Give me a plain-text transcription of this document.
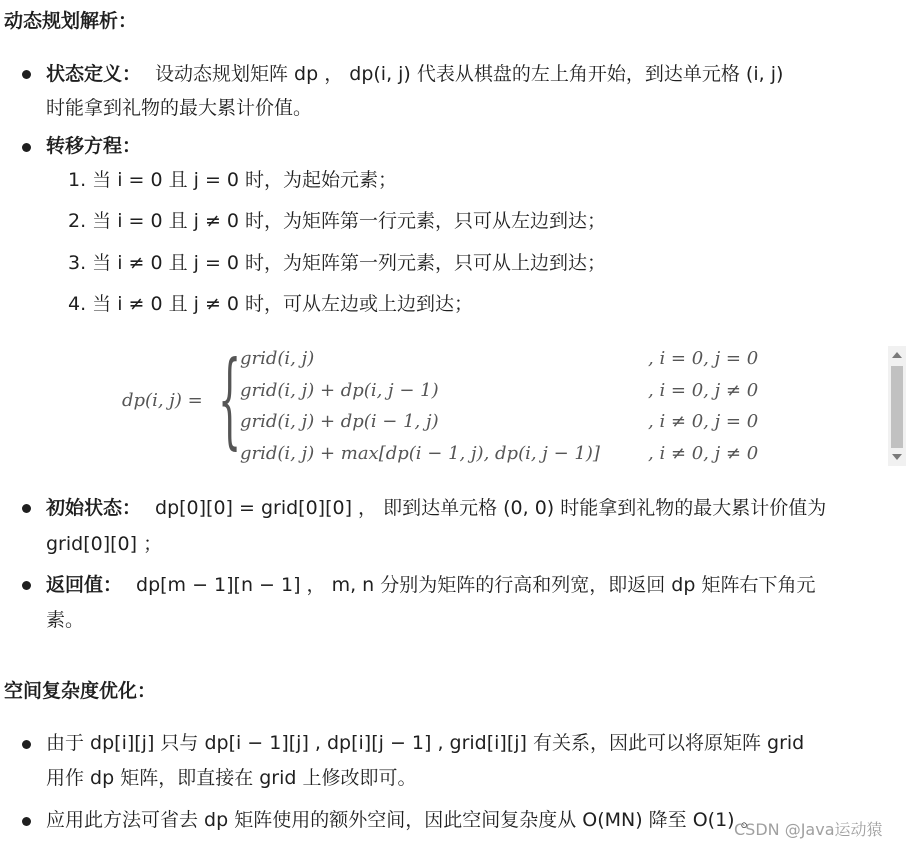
动态规划解析：
状态定义： 设动态规划矩阵 dp ， dp(i, j) 代表从棋盘的左上角开始，到达单元格 (i, j)
时能拿到礼物的最大累计价值。
转移方程：
1. 当 i = 0 且 j = 0 时，为起始元素；
2. 当 i = 0 且 j ≠ 0 时，为矩阵第一行元素，只可从左边到达；
3. 当 i ≠ 0 且 j = 0 时，为矩阵第一列元素，只可从上边到达；
4. 当 i ≠ 0 且 j ≠ 0 时，可从左边或上边到达；
dp(i, j) = {
grid(i, j)	, i = 0, j = 0
grid(i, j) + dp(i, j − 1)	, i = 0, j ≠ 0
grid(i, j) + dp(i − 1, j)	, i ≠ 0, j = 0
grid(i, j) + max[dp(i − 1, j), dp(i, j − 1)]	, i ≠ 0, j ≠ 0
初始状态： dp[0][0] = grid[0][0] ， 即到达单元格 (0, 0) 时能拿到礼物的最大累计价值为
grid[0][0] ；
返回值： dp[m − 1][n − 1] ， m, n 分别为矩阵的行高和列宽，即返回 dp 矩阵右下角元
素。
空间复杂度优化：
由于 dp[i][j] 只与 dp[i − 1][j] , dp[i][j − 1] , grid[i][j] 有关系，因此可以将原矩阵 grid
用作 dp 矩阵，即直接在 grid 上修改即可。
应用此方法可省去 dp 矩阵使用的额外空间，因此空间复杂度从 O(MN) 降至 O(1) 。
CSDN @Java运动猿
